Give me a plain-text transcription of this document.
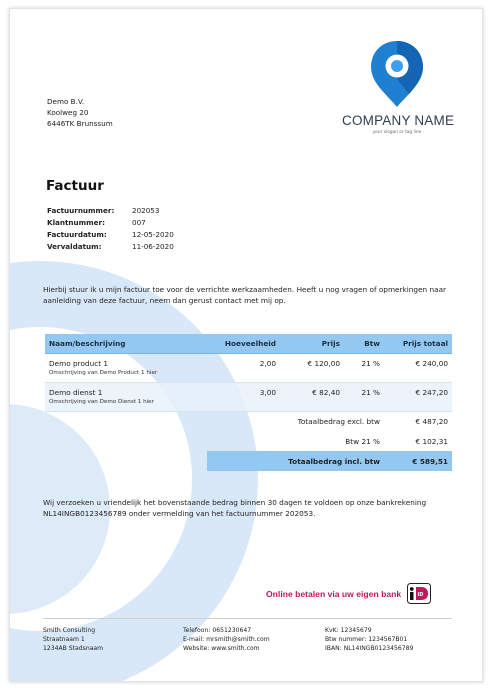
Demo B.V.
Koolweg 20
6446TK Brunssum	COMPANY NAME
your slogan or tag line
Factuur
Factuurnummer:	202053
Klantnummer:	007
Factuurdatum:	12-05-2020
Vervaldatum:	11-06-2020
Hierbij stuur ik u mijn factuur toe voor de verrichte werkzaamheden. Heeft u nog vragen of opmerkingen naar aanleiding van deze factuur, neem dan gerust contact met mij op.
Naam/beschrijving	Hoeveelheid	Prijs	Btw	Prijs totaal

Demo product 1
Omschrijving van Demo Product 1 hier	2,00	€ 120,00	21 %	€ 240,00

Demo dienst 1
Omschrijving van Demo Dienst 1 hier	3,00	€ 82,40	21 %	€ 247,20
	Totaalbedrag excl. btw			€ 487,20
	Btw 21 %			€ 102,31
	Totaalbedrag incl. btw			€ 589,51
Wij verzoeken u vriendelijk het bovenstaande bedrag binnen 30 dagen te voldoen op onze bankrekening NL14INGB0123456789 onder vermelding van het factuurnummer 202053.
Online betalen via uw eigen bank	iD
Smith Consulting
Straatnaam 1
1234AB Stadsnaam
Telefoon: 0651230647
E-mail: mrsmith@smith.com
Website: www.smith.com
KvK: 12345679
Btw nummer: 1234567B01
IBAN: NL14INGB0123456789
